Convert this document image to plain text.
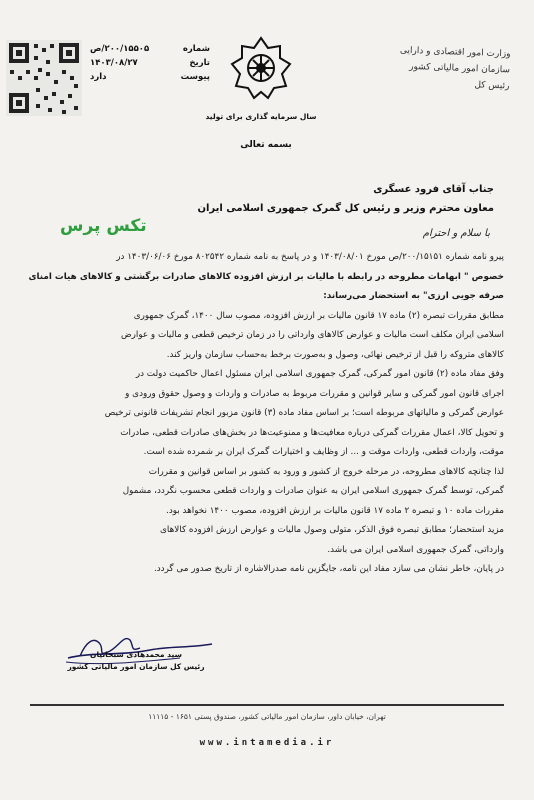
وزارت امور اقتصادی و دارایی
سازمان امور مالیاتی کشور
رئیس کل
سال سرمایه گذاری برای تولید
بسمه تعالی
شماره
۲۰۰/۱۵۵۰۵/ص
تاریخ
۱۴۰۳/۰۸/۲۷
پیوست
دارد
جناب آقای فرود عسگری
معاون محترم وزیر و رئیس کل گمرک جمهوری اسلامی ایران
تکس پرس	با سلام و احترام
پیرو نامه شماره ۲۰۰/۱۵۱۵۱/ص مورخ ۱۴۰۳/۰۸/۰۱ و در پاسخ به نامه شماره ۸۰۲۵۴۲ مورخ ۱۴۰۳/۰۶/۰۶ در
خصوص " ابهامات مطروحه در رابطه با مالیات بر ارزش افزوده کالاهای صادرات برگشتی و کالاهای هیات امنای
صرفه جویی ارزی" به استحضار می‌رساند:
مطابق مقررات تبصره (۲) ماده ۱۷ قانون مالیات بر ارزش افزوده، مصوب سال ۱۴۰۰، گمرک جمهوری
اسلامی ایران مکلف است مالیات و عوارض کالاهای وارداتی را در زمان ترخیص قطعی و مالیات و عوارض
کالاهای متروکه را قبل از ترخیص نهائی، وصول و به‌صورت برخط به‌حساب سازمان واریز کند.
وفق مفاد ماده (۲) قانون امور گمرکی، گمرک جمهوری اسلامی ایران مسئول اعمال حاکمیت دولت در
اجرای قانون امور گمرکی و سایر قوانین و مقررات مربوط به صادرات و واردات و وصول حقوق ورودی و
عوارض گمرکی و مالیاتهای مربوطه است؛ بر اساس مفاد ماده (۳) قانون مزبور انجام تشریفات قانونی ترخیص
و تحویل کالا، اعمال مقررات گمرکی درباره معافیت‌ها و ممنوعیت‌ها در بخش‌های صادرات قطعی، صادرات
موقت، واردات قطعی، واردات موقت و ... از وظایف و اختیارات گمرک ایران بر شمرده شده است.
لذا چنانچه کالاهای مطروحه، در مرحله خروج از کشور و ورود به کشور بر اساس قوانین و مقررات
گمرکی، توسط گمرک جمهوری اسلامی ایران به عنوان صادرات و واردات قطعی محسوب نگردد، مشمول
مقررات ماده ۱۰ و تبصره ۲ ماده ۱۷ قانون مالیات بر ارزش افزوده، مصوب ۱۴۰۰ نخواهد بود.
مزید استحضار؛ مطابق تبصره فوق الذکر، متولی وصول مالیات و عوارض ارزش افزوده کالاهای
وارداتی، گمرک جمهوری اسلامی ایران می باشد.
در پایان، خاطر نشان می سازد مفاد این نامه، جایگزین نامه صدرالاشاره از تاریخ صدور می گردد.
سید محمدهادی سبحانیان
رئیس کل سازمان امور مالیاتی کشور
تهران، خیابان داور، سازمان امور مالیاتی کشور، صندوق پستی ۱۶۵۱ - ۱۱۱۱۵
www.intamedia.ir
